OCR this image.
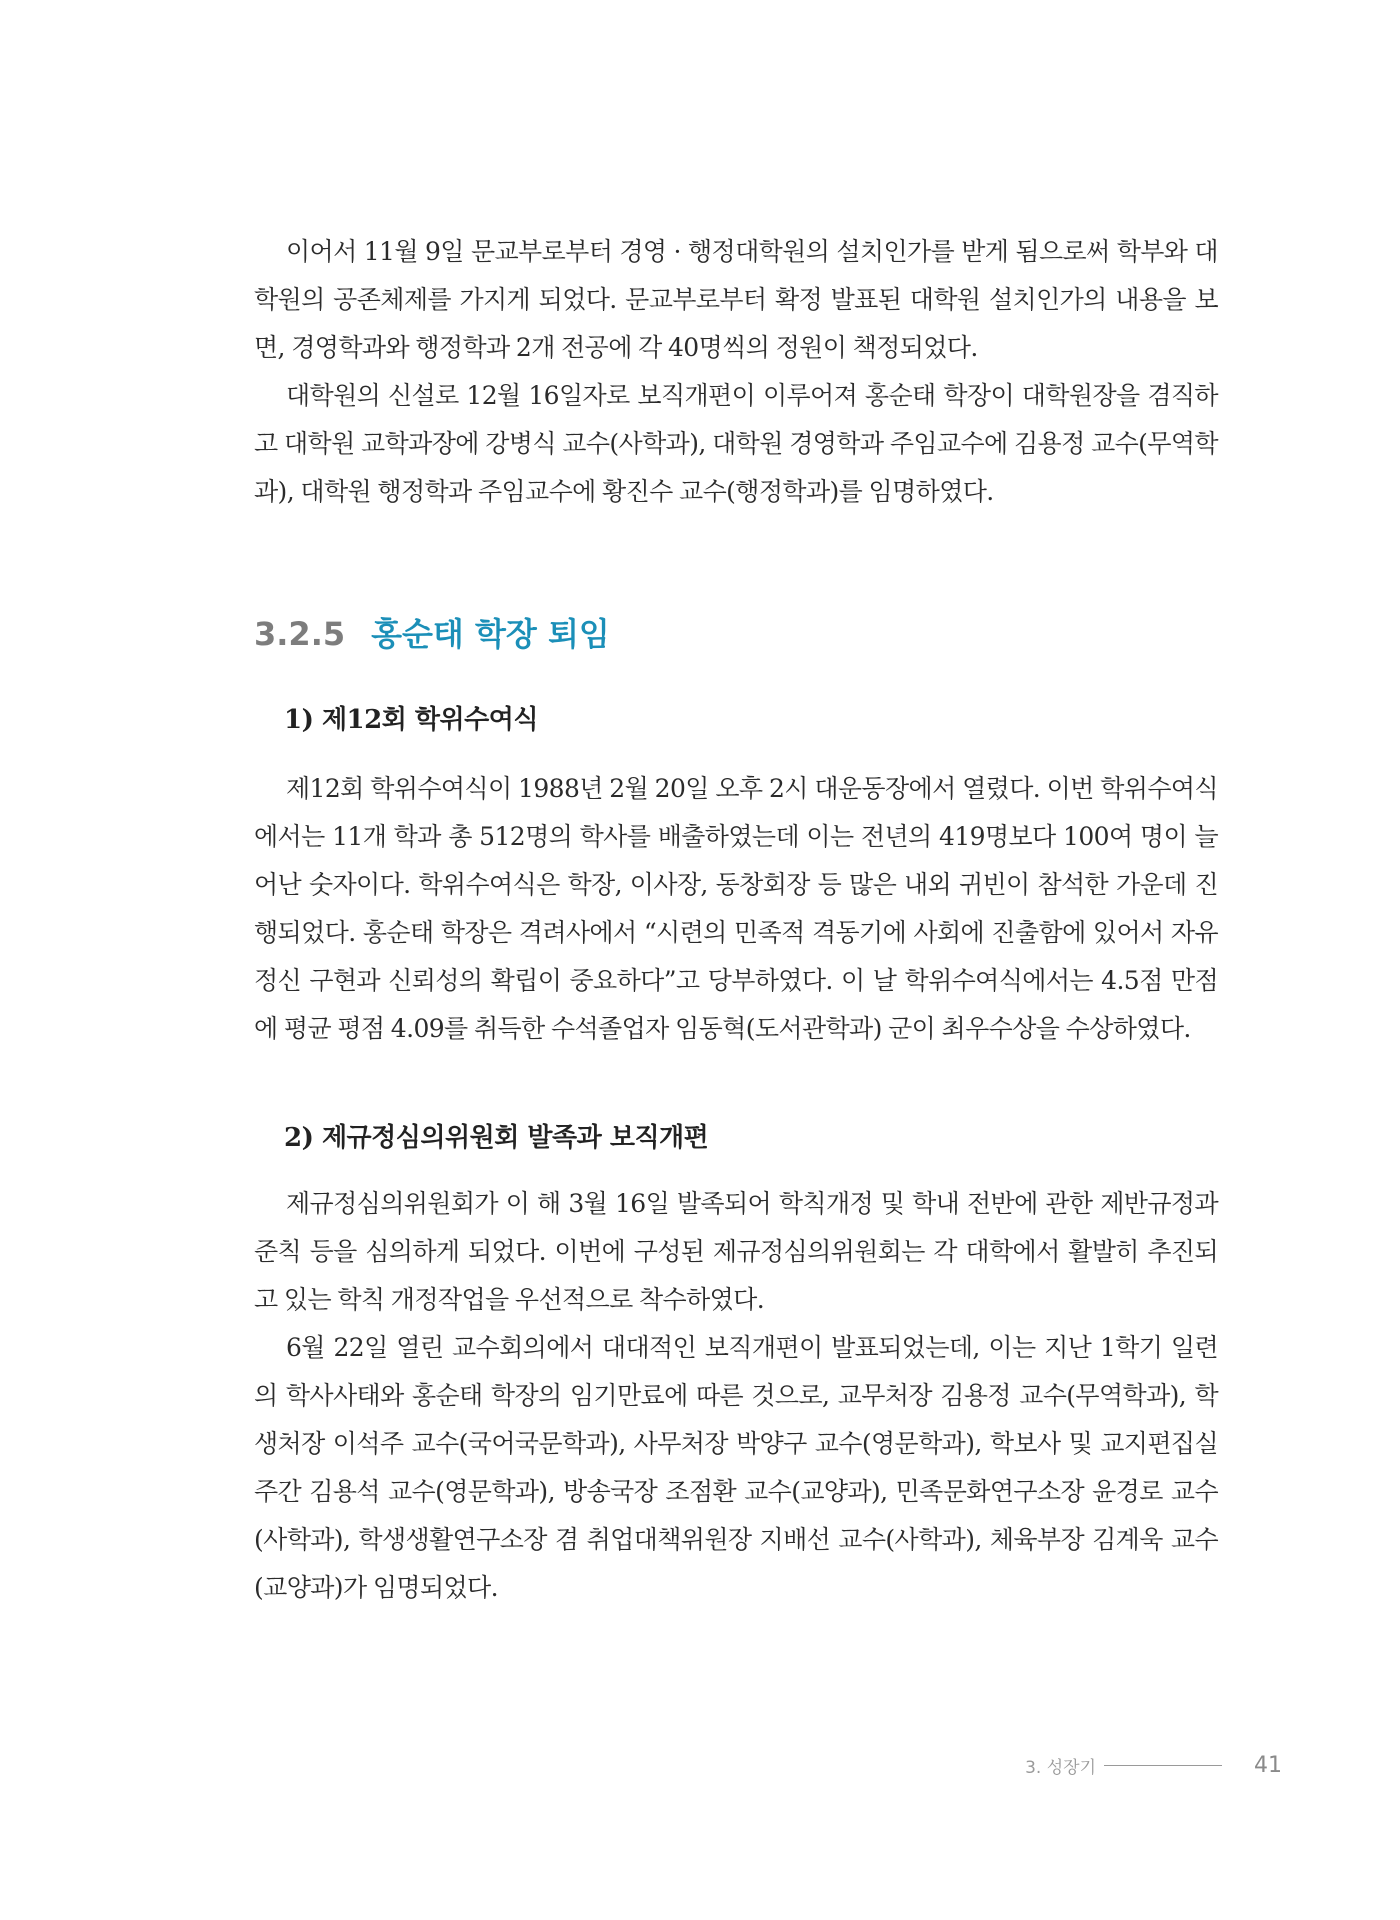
이어서 11월 9일 문교부로부터 경영 · 행정대학원의 설치인가를 받게 됨으로써 학부와 대학원의 공존체제를 가지게 되었다. 문교부로부터 확정 발표된 대학원 설치인가의 내용을 보면, 경영학과와 행정학과 2개 전공에 각 40명씩의 정원이 책정되었다.

대학원의 신설로 12월 16일자로 보직개편이 이루어져 홍순태 학장이 대학원장을 겸직하고 대학원 교학과장에 강병식 교수(사학과), 대학원 경영학과 주임교수에 김용정 교수(무역학과), 대학원 행정학과 주임교수에 황진수 교수(행정학과)를 임명하였다.

3.2.5 홍순태 학장 퇴임
1) 제12회 학위수여식

제12회 학위수여식이 1988년 2월 20일 오후 2시 대운동장에서 열렸다. 이번 학위수여식에서는 11개 학과 총 512명의 학사를 배출하였는데 이는 전년의 419명보다 100여 명이 늘어난 숫자이다. 학위수여식은 학장, 이사장, 동창회장 등 많은 내외 귀빈이 참석한 가운데 진행되었다. 홍순태 학장은 격려사에서 “시련의 민족적 격동기에 사회에 진출함에 있어서 자유정신 구현과 신뢰성의 확립이 중요하다”고 당부하였다. 이 날 학위수여식에서는 4.5점 만점에 평균 평점 4.09를 취득한 수석졸업자 임동혁(도서관학과) 군이 최우수상을 수상하였다.

2) 제규정심의위원회 발족과 보직개편

제규정심의위원회가 이 해 3월 16일 발족되어 학칙개정 및 학내 전반에 관한 제반규정과 준칙 등을 심의하게 되었다. 이번에 구성된 제규정심의위원회는 각 대학에서 활발히 추진되고 있는 학칙 개정작업을 우선적으로 착수하였다.

6월 22일 열린 교수회의에서 대대적인 보직개편이 발표되었는데, 이는 지난 1학기 일련의 학사사태와 홍순태 학장의 임기만료에 따른 것으로, 교무처장 김용정 교수(무역학과), 학생처장 이석주 교수(국어국문학과), 사무처장 박양구 교수(영문학과), 학보사 및 교지편집실 주간 김용석 교수(영문학과), 방송국장 조점환 교수(교양과), 민족문화연구소장 윤경로 교수(사학과), 학생생활연구소장 겸 취업대책위원장 지배선 교수(사학과), 체육부장 김계욱 교수(교양과)가 임명되었다.

3. 성장기	41
